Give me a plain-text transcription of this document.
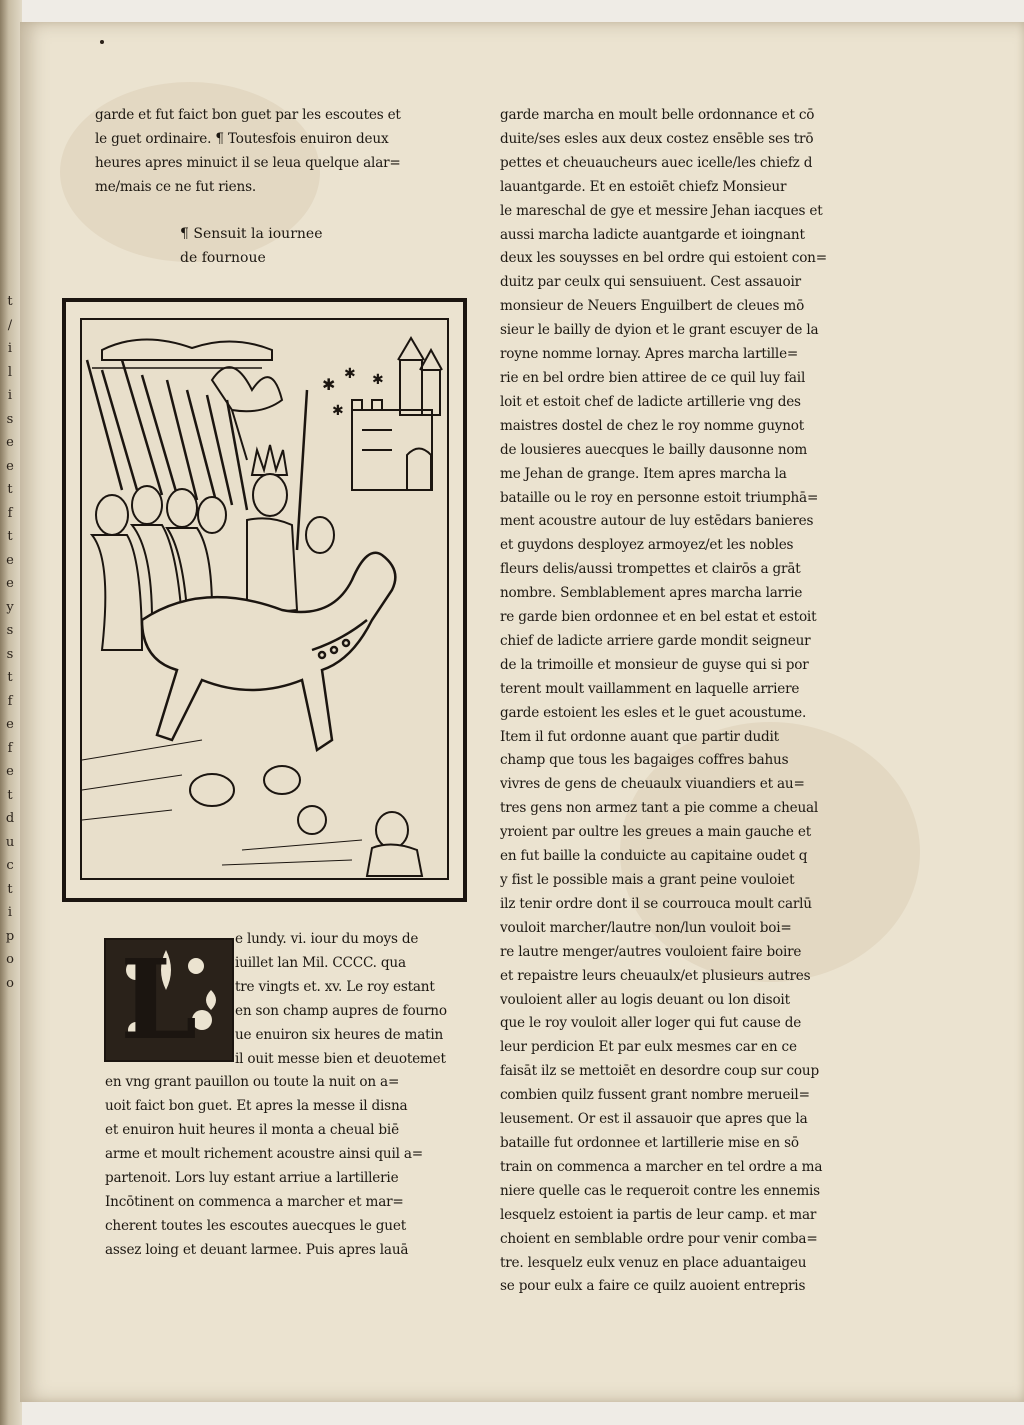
t
/
i
l
i
s
e
e
t
f
t
e
e
y
s
s
t
f
e
f
e
t
d
u
c
t
i
p
o
o
garde et fut faict bon guet par les escoutes et
le guet ordinaire. ¶ Toutesfois enuiron deux
heures apres minuict il se leua quelque alar=
me/mais ce ne fut riens.
¶ Sensuit la iournee
de fournoue
✱
✱
✱
✱
L	e lundy. vi. iour du moys de
iuillet lan Mil. CCCC. qua
tre vingts et. xv. Le roy estant
en son champ aupres de fourno
ue enuiron six heures de matin
il ouit messe bien et deuotemet
en vng grant pauillon ou toute la nuit on a=
uoit faict bon guet. Et apres la messe il disna
et enuiron huit heures il monta a cheual biē
arme et moult richement acoustre ainsi quil a=
partenoit. Lors luy estant arriue a lartillerie
Incōtinent on commenca a marcher et mar=
cherent toutes les escoutes auecques le guet
assez loing et deuant larmee. Puis apres lauā
garde marcha en moult belle ordonnance et cō
duite/ses esles aux deux costez ensēble ses trō
pettes et cheuaucheurs auec icelle/les chiefz d
lauantgarde. Et en estoiēt chiefz Monsieur
le mareschal de gye et messire Jehan iacques et
aussi marcha ladicte auantgarde et ioingnant
deux les souysses en bel ordre qui estoient con=
duitz par ceulx qui sensuiuent. Cest assauoir
monsieur de Neuers Enguilbert de cleues mō
sieur le bailly de dyion et le grant escuyer de la
royne nomme lornay. Apres marcha lartille=
rie en bel ordre bien attiree de ce quil luy fail
loit et estoit chef de ladicte artillerie vng des
maistres dostel de chez le roy nomme guynot
de lousieres auecques le bailly dausonne nom
me Jehan de grange. Item apres marcha la
bataille ou le roy en personne estoit triumphā=
ment acoustre autour de luy estēdars banieres
et guydons desployez armoyez/et les nobles
fleurs delis/aussi trompettes et clairōs a grāt
nombre. Semblablement apres marcha larrie
re garde bien ordonnee et en bel estat et estoit
chief de ladicte arriere garde mondit seigneur
de la trimoille et monsieur de guyse qui si por
terent moult vaillamment en laquelle arriere
garde estoient les esles et le guet acoustume.
Item il fut ordonne auant que partir dudit
champ que tous les bagaiges coffres bahus
vivres de gens de cheuaulx viuandiers et au=
tres gens non armez tant a pie comme a cheual
yroient par oultre les greues a main gauche et
en fut baille la conduicte au capitaine oudet q
y fist le possible mais a grant peine vouloiet
ilz tenir ordre dont il se courrouca moult carlū
vouloit marcher/lautre non/lun vouloit boi=
re lautre menger/autres vouloient faire boire
et repaistre leurs cheuaulx/et plusieurs autres
vouloient aller au logis deuant ou lon disoit
que le roy vouloit aller loger qui fut cause de
leur perdicion Et par eulx mesmes car en ce
faisāt ilz se mettoiēt en desordre coup sur coup
combien quilz fussent grant nombre merueil=
leusement. Or est il assauoir que apres que la
bataille fut ordonnee et lartillerie mise en sō
train on commenca a marcher en tel ordre a ma
niere quelle cas le requeroit contre les ennemis
lesquelz estoient ia partis de leur camp. et mar
choient en semblable ordre pour venir comba=
tre. lesquelz eulx venuz en place aduantaigeu
se pour eulx a faire ce quilz auoient entrepris
